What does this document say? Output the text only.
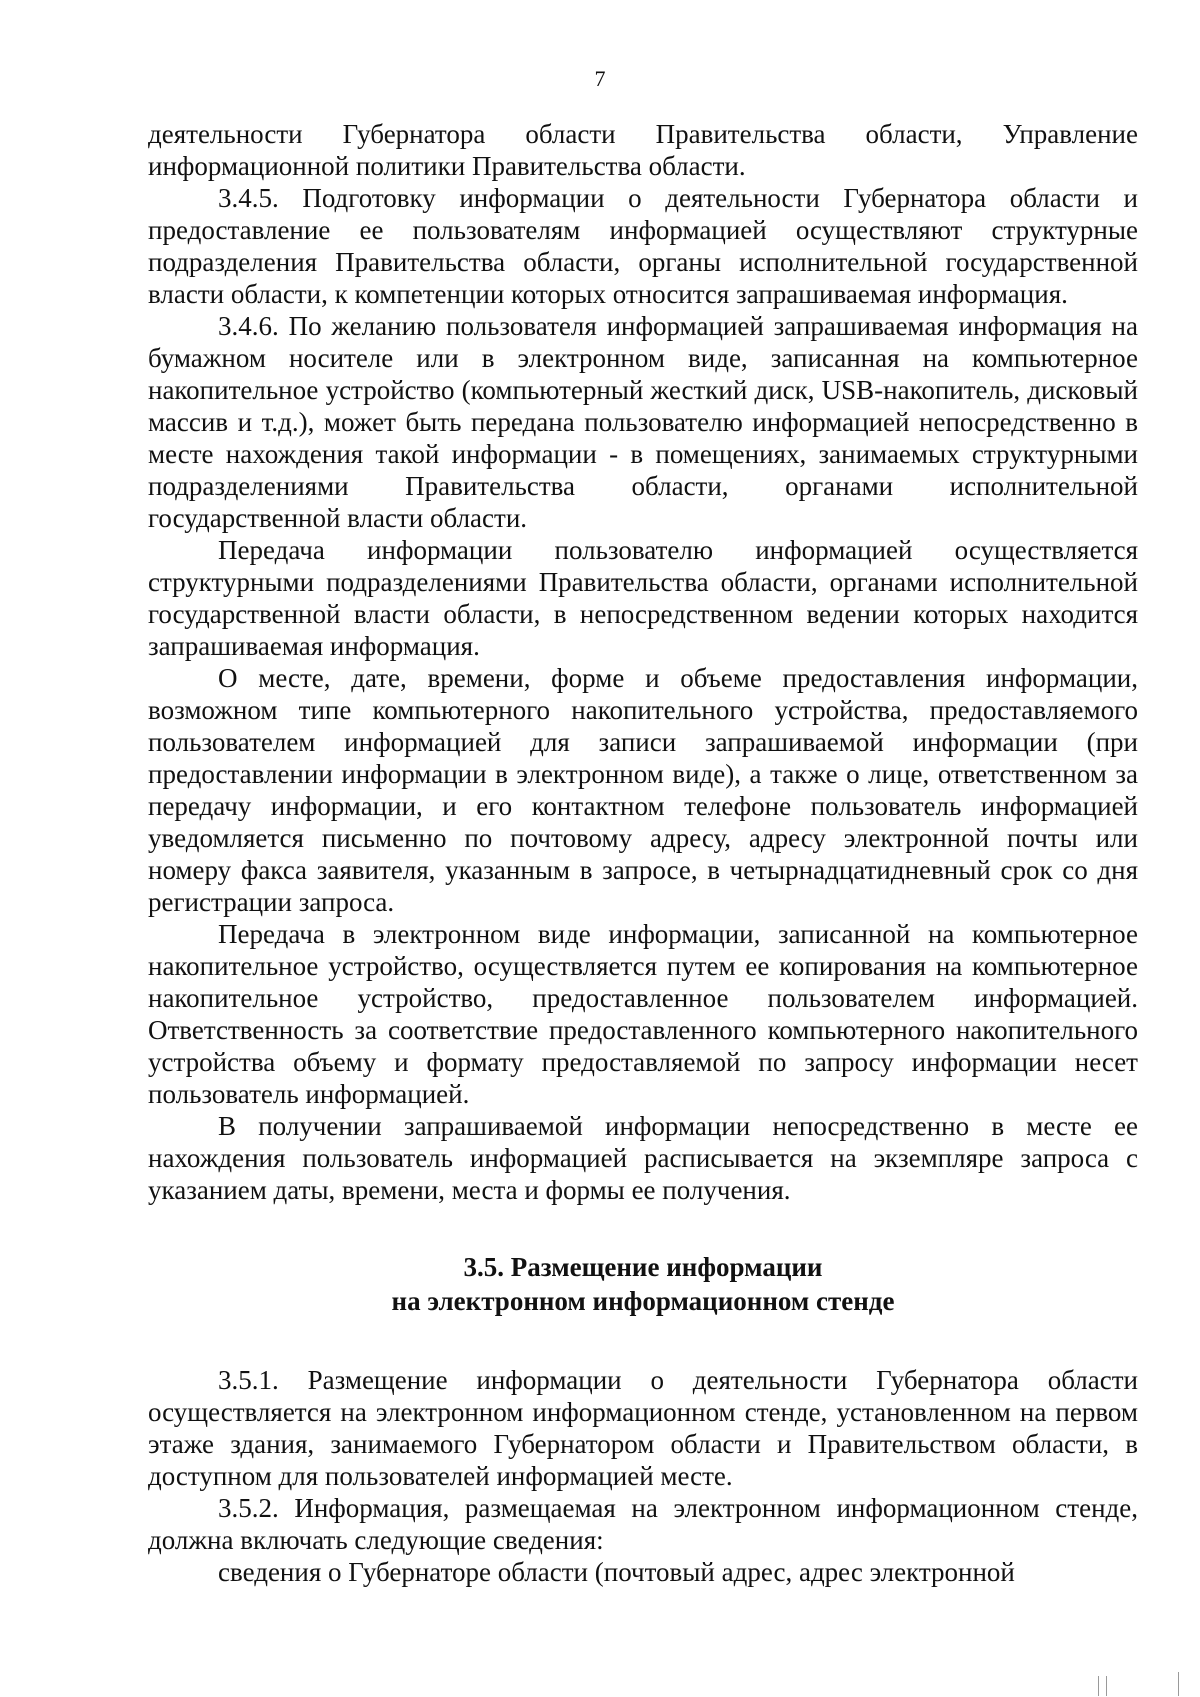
7

деятельности Губернатора области Правительства области, Управление информационной политики Правительства области.

3.4.5. Подготовку информации о деятельности Губернатора области и предоставление ее пользователям информацией осуществляют структурные подразделения Правительства области, органы исполнительной государственной власти области, к компетенции которых относится запрашиваемая информация.

3.4.6. По желанию пользователя информацией запрашиваемая информация на бумажном носителе или в электронном виде, записанная на компьютерное накопительное устройство (компьютерный жесткий диск, USB-накопитель, дисковый массив и т.д.), может быть передана пользователю информацией непосредственно в месте нахождения такой информации - в помещениях, занимаемых структурными подразделениями Правительства области, органами исполнительной государственной власти области.

Передача информации пользователю информацией осуществляется структурными подразделениями Правительства области, органами исполнительной государственной власти области, в непосредственном ведении которых находится запрашиваемая информация.

О месте, дате, времени, форме и объеме предоставления информации, возможном типе компьютерного накопительного устройства, предоставляемого пользователем информацией для записи запрашиваемой информации (при предоставлении информации в электронном виде), а также о лице, ответственном за передачу информации, и его контактном телефоне пользователь информацией уведомляется письменно по почтовому адресу, адресу электронной почты или номеру факса заявителя, указанным в запросе, в четырнадцатидневный срок со дня регистрации запроса.

Передача в электронном виде информации, записанной на компьютерное накопительное устройство, осуществляется путем ее копирования на компьютерное накопительное устройство, предоставленное пользователем информацией. Ответственность за соответствие предоставленного компьютерного накопительного устройства объему и формату предоставляемой по запросу информации несет пользователь информацией.

В получении запрашиваемой информации непосредственно в месте ее нахождения пользователь информацией расписывается на экземпляре запроса с указанием даты, времени, места и формы ее получения.

3.5. Размещение информации
на электронном информационном стенде

3.5.1. Размещение информации о деятельности Губернатора области осуществляется на электронном информационном стенде, установленном на первом этаже здания, занимаемого Губернатором области и Правительством области, в доступном для пользователей информацией месте.

3.5.2. Информация, размещаемая на электронном информационном стенде, должна включать следующие сведения:

сведения о Губернаторе области (почтовый адрес, адрес электронной
